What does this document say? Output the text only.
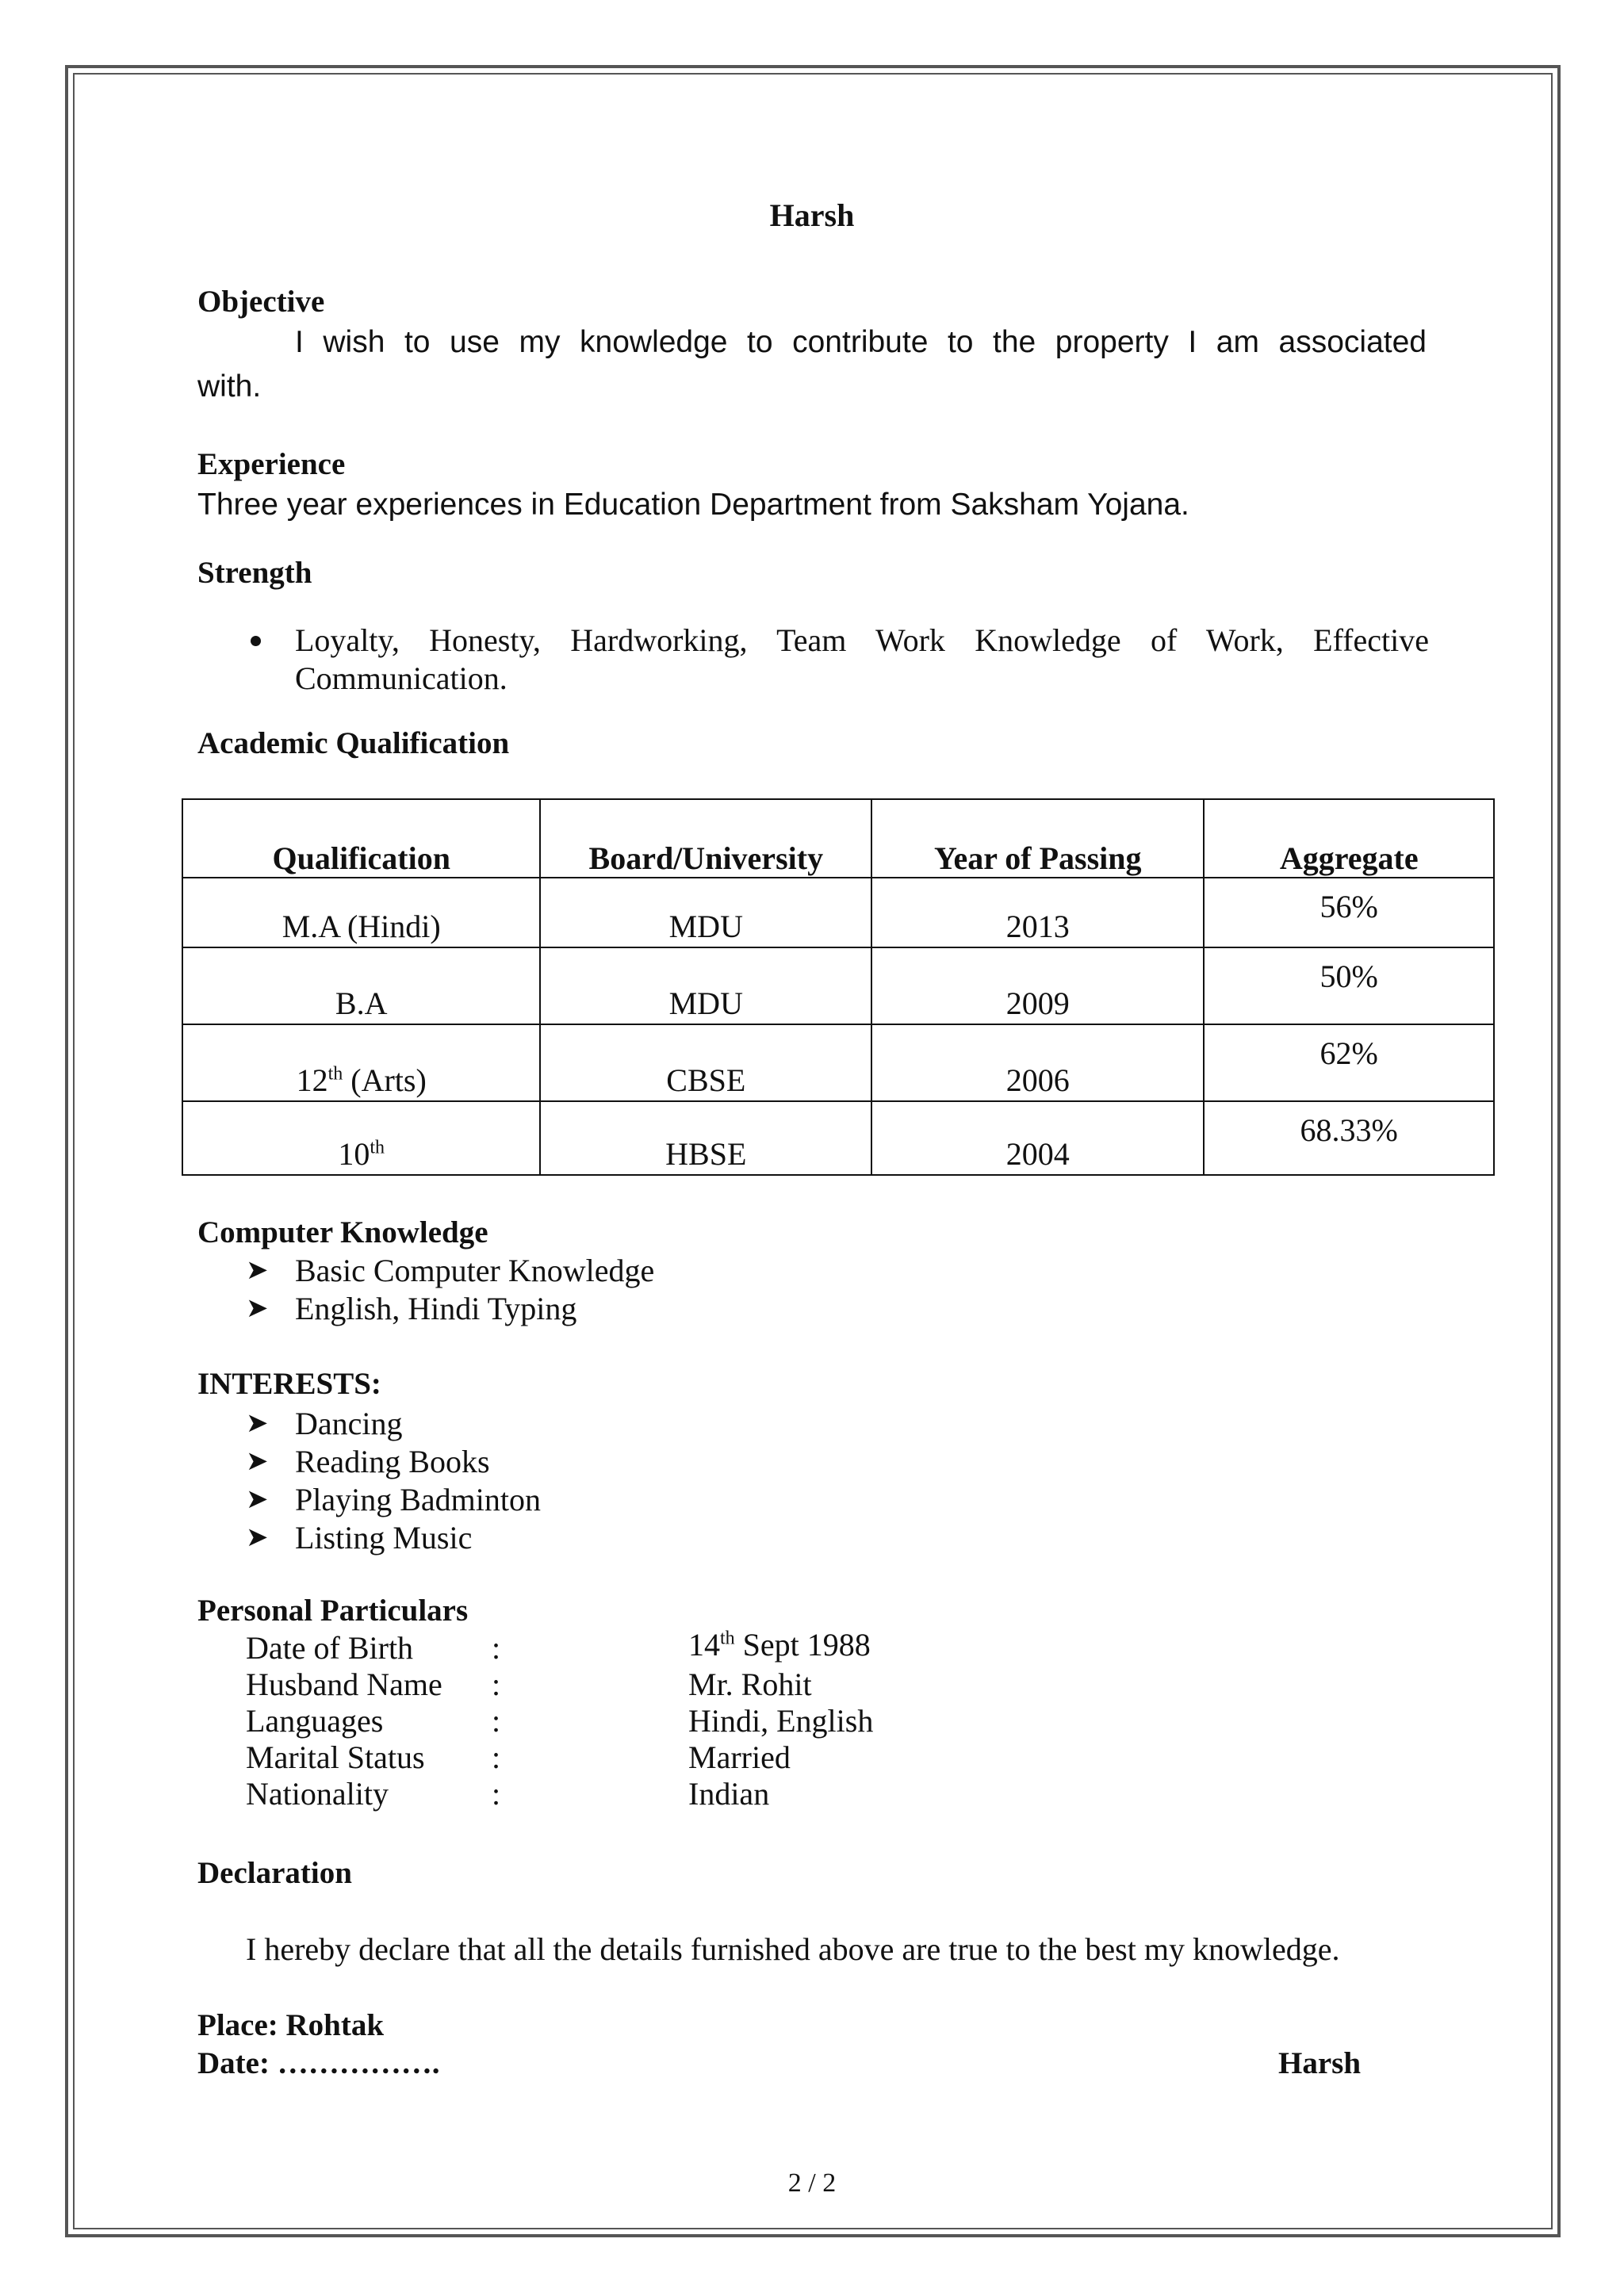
Harsh
Objective
I wish to use my knowledge to contribute to the property I am associated
with.
Experience
Three year experiences in Education Department from Saksham Yojana.
Strength
Loyalty, Honesty, Hardworking, Team Work Knowledge of Work, Effective
Communication.
Academic Qualification
Qualification	Board/University	Year of Passing	Aggregate
M.A (Hindi)	MDU	2013	56%
B.A	MDU	2009	50%
12th (Arts)	CBSE	2006	62%
10th	HBSE	2004	68.33%
Computer Knowledge
➤ Basic Computer Knowledge
➤ English, Hindi Typing
INTERESTS:
➤ Dancing
➤ Reading Books
➤ Playing Badminton
➤ Listing Music
Personal Particulars
Date of Birth :	14th Sept 1988
Husband Name :	Mr. Rohit
Languages	:	Hindi, English
Marital Status :	Married
Nationality	:	Indian
Declaration
I hereby declare that all the details furnished above are true to the best my knowledge.
Place: Rohtak
Date: …………….	Harsh
2 / 2
